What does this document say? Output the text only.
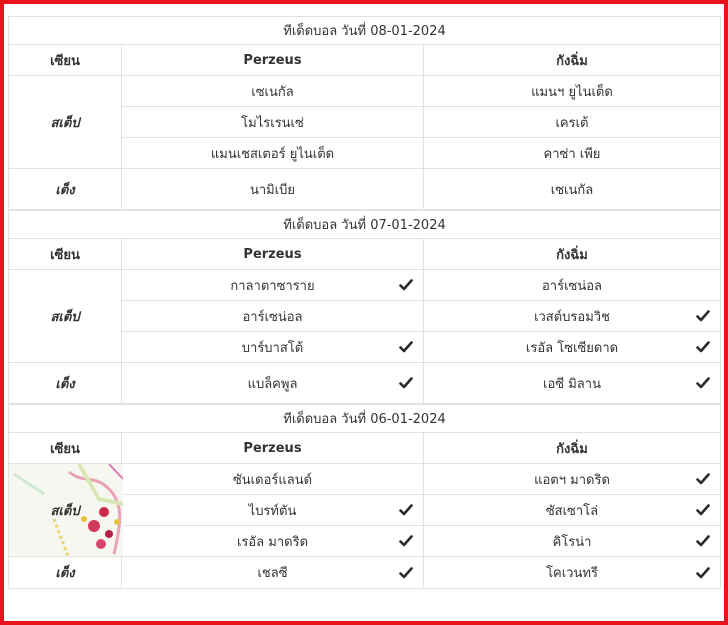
ทีเด็ดบอล วันที่ 08-01-2024		
เซียน	Perzeus	กังฉิ่ม
สเต็ป	เซเนกัล	แมนฯ ยูไนเต็ด
	โมไรเรนเซ่	เครเต้
	แมนเชสเตอร์ ยูไนเต็ด	คาซ่า เพีย
เต็ง	นามิเบีย	เซเนกัล
ทีเด็ดบอล วันที่ 07-01-2024		
เซียน	Perzeus	กังฉิ่ม
สเต็ป	กาลาตาซาราย	อาร์เซน่อล
	อาร์เซน่อล	เวสต์บรอมวิช

	บาร์บาสโต้	เรอัล โซเซียดาด

เต็ง	แบล็คพูล	เอซี มิลาน
ทีเด็ดบอล วันที่ 06-01-2024		
เซียน	Perzeus	กังฉิ่ม

สเต็ป	ซันเดอร์แลนด์	แอตฯ มาดริด

	ไบรท์ตัน	ซัสเซาโล่

	เรอัล มาดริด	คิโรน่า

เต็ง	เชลซี	โคเวนทรี
